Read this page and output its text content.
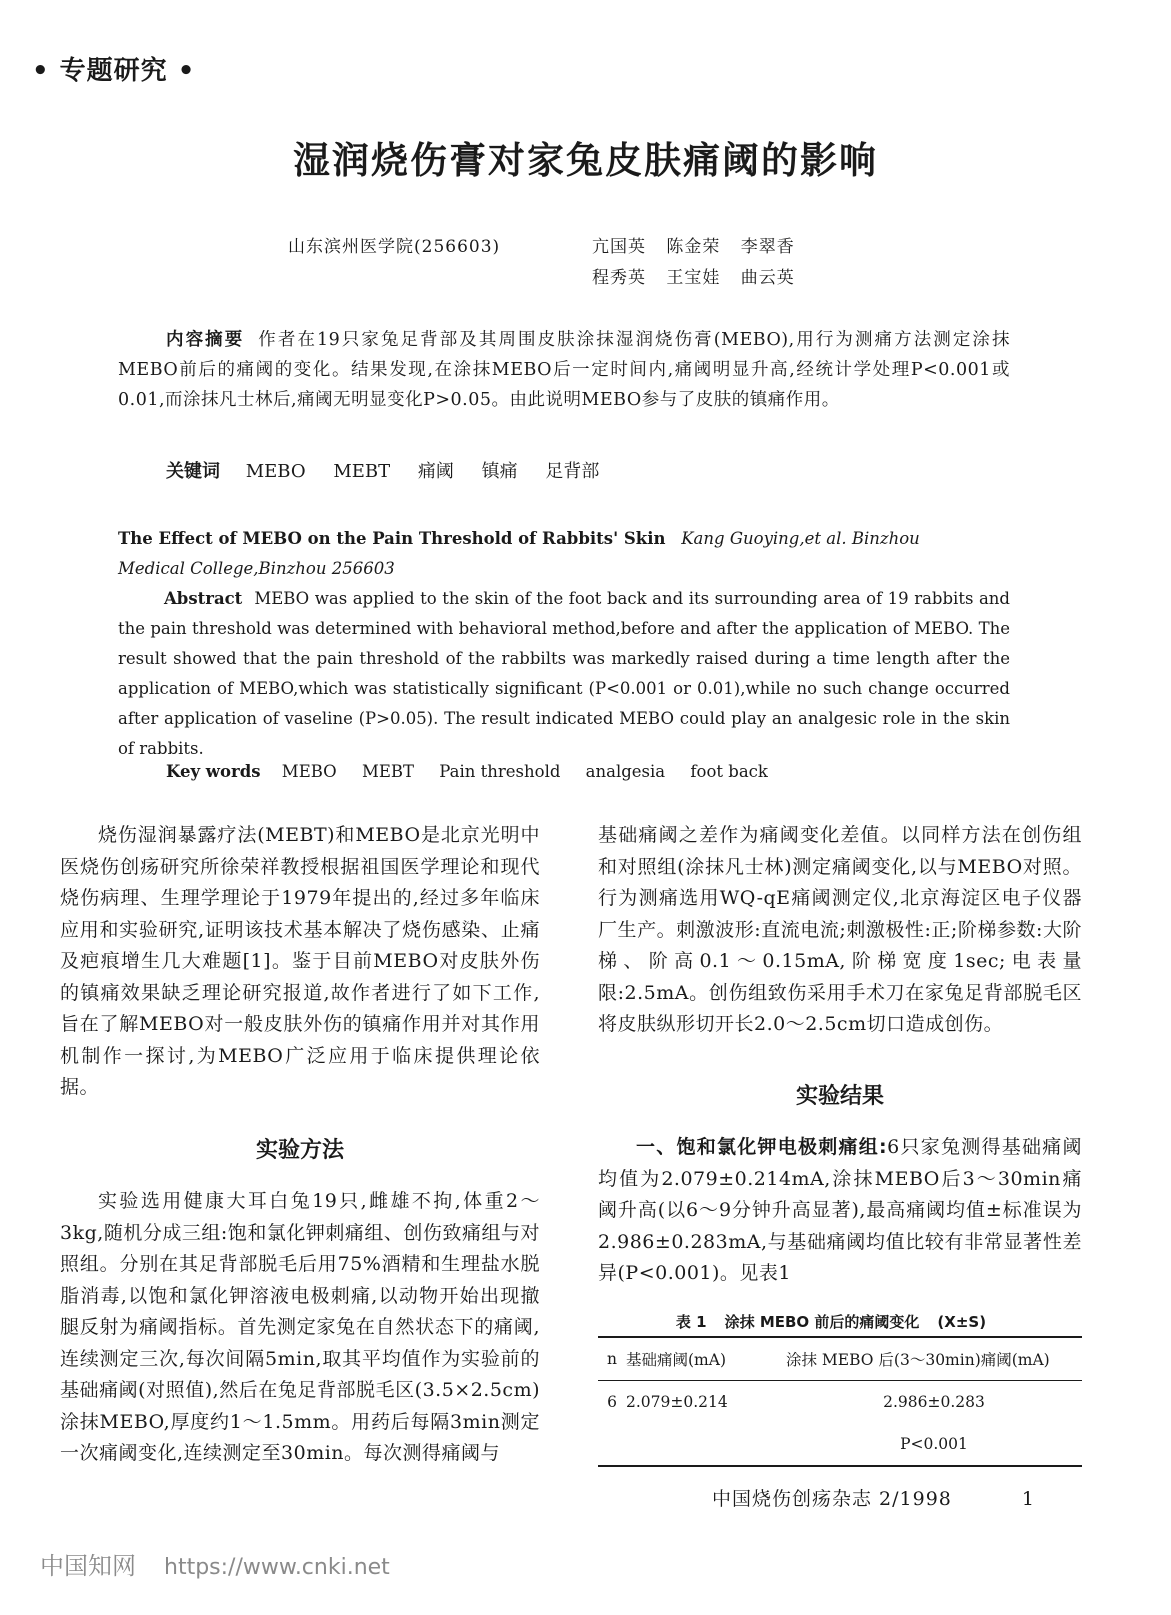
• 专题研究 •
湿润烧伤膏对家兔皮肤痛阈的影响
山东滨州医学院(256603)	亢国英 陈金荣 李翠香
程秀英 王宝娃 曲云英
内容摘要 作者在19只家兔足背部及其周围皮肤涂抹湿润烧伤膏(MEBO),用行为测痛方法测定涂抹MEBO前后的痛阈的变化。结果发现,在涂抹MEBO后一定时间内,痛阈明显升高,经统计学处理P<0.001或0.01,而涂抹凡士林后,痛阈无明显变化P>0.05。由此说明MEBO参与了皮肤的镇痛作用。
关键词 MEBO MEBT 痛阈 镇痛 足背部
The Effect of MEBO on the Pain Threshold of Rabbits' Skin Kang Guoying,et al. Binzhou
Medical College,Binzhou 256603
Abstract MEBO was applied to the skin of the foot back and its surrounding area of 19 rabbits and the pain threshold was determined with behavioral method,before and after the application of MEBO. The result showed that the pain threshold of the rabbilts was markedly raised during a time length after the application of MEBO,which was statistically significant (P<0.001 or 0.01),while no such change occurred after application of vaseline (P>0.05). The result indicated MEBO could play an analgesic role in the skin of rabbits.
Key words MEBO MEBT Pain threshold analgesia foot back
烧伤湿润暴露疗法(MEBT)和MEBO是北京光明中医烧伤创疡研究所徐荣祥教授根据祖国医学理论和现代烧伤病理、生理学理论于1979年提出的,经过多年临床应用和实验研究,证明该技术基本解决了烧伤感染、止痛及疤痕增生几大难题[1]。鉴于目前MEBO对皮肤外伤的镇痛效果缺乏理论研究报道,故作者进行了如下工作,旨在了解MEBO对一般皮肤外伤的镇痛作用并对其作用机制作一探讨,为MEBO广泛应用于临床提供理论依据。
实验方法
实验选用健康大耳白兔19只,雌雄不拘,体重2～3kg,随机分成三组:饱和氯化钾刺痛组、创伤致痛组与对照组。分别在其足背部脱毛后用75%酒精和生理盐水脱脂消毒,以饱和氯化钾溶液电极刺痛,以动物开始出现撤腿反射为痛阈指标。首先测定家兔在自然状态下的痛阈,连续测定三次,每次间隔5min,取其平均值作为实验前的基础痛阈(对照值),然后在兔足背部脱毛区(3.5×2.5cm)涂抹MEBO,厚度约1～1.5mm。用药后每隔3min测定一次痛阈变化,连续测定至30min。每次测得痛阈与
基础痛阈之差作为痛阈变化差值。以同样方法在创伤组和对照组(涂抹凡士林)测定痛阈变化,以与MEBO对照。行为测痛选用WQ-qE痛阈测定仪,北京海淀区电子仪器厂生产。刺激波形:直流电流;刺激极性:正;阶梯参数:大阶梯、阶高0.1～0.15mA,阶梯宽度1sec;电表量限:2.5mA。创伤组致伤采用手术刀在家兔足背部脱毛区将皮肤纵形切开长2.0～2.5cm切口造成创伤。
实验结果
一、饱和氯化钾电极刺痛组:6只家兔测得基础痛阈均值为2.079±0.214mA,涂抹MEBO后3～30min痛阈升高(以6～9分钟升高显著),最高痛阈均值±标准误为2.986±0.283mA,与基础痛阈均值比较有非常显著性差异(P<0.001)。见表1
表 1 涂抹 MEBO 前后的痛阈变化 (X±S)
n	基础痛阈(mA)	涂抹 MEBO 后(3～30min)痛阈(mA)
6	2.079±0.214	2.986±0.283
		P<0.001
中国烧伤创疡杂志 2/1998	1
中国知网 https://www.cnki.net
